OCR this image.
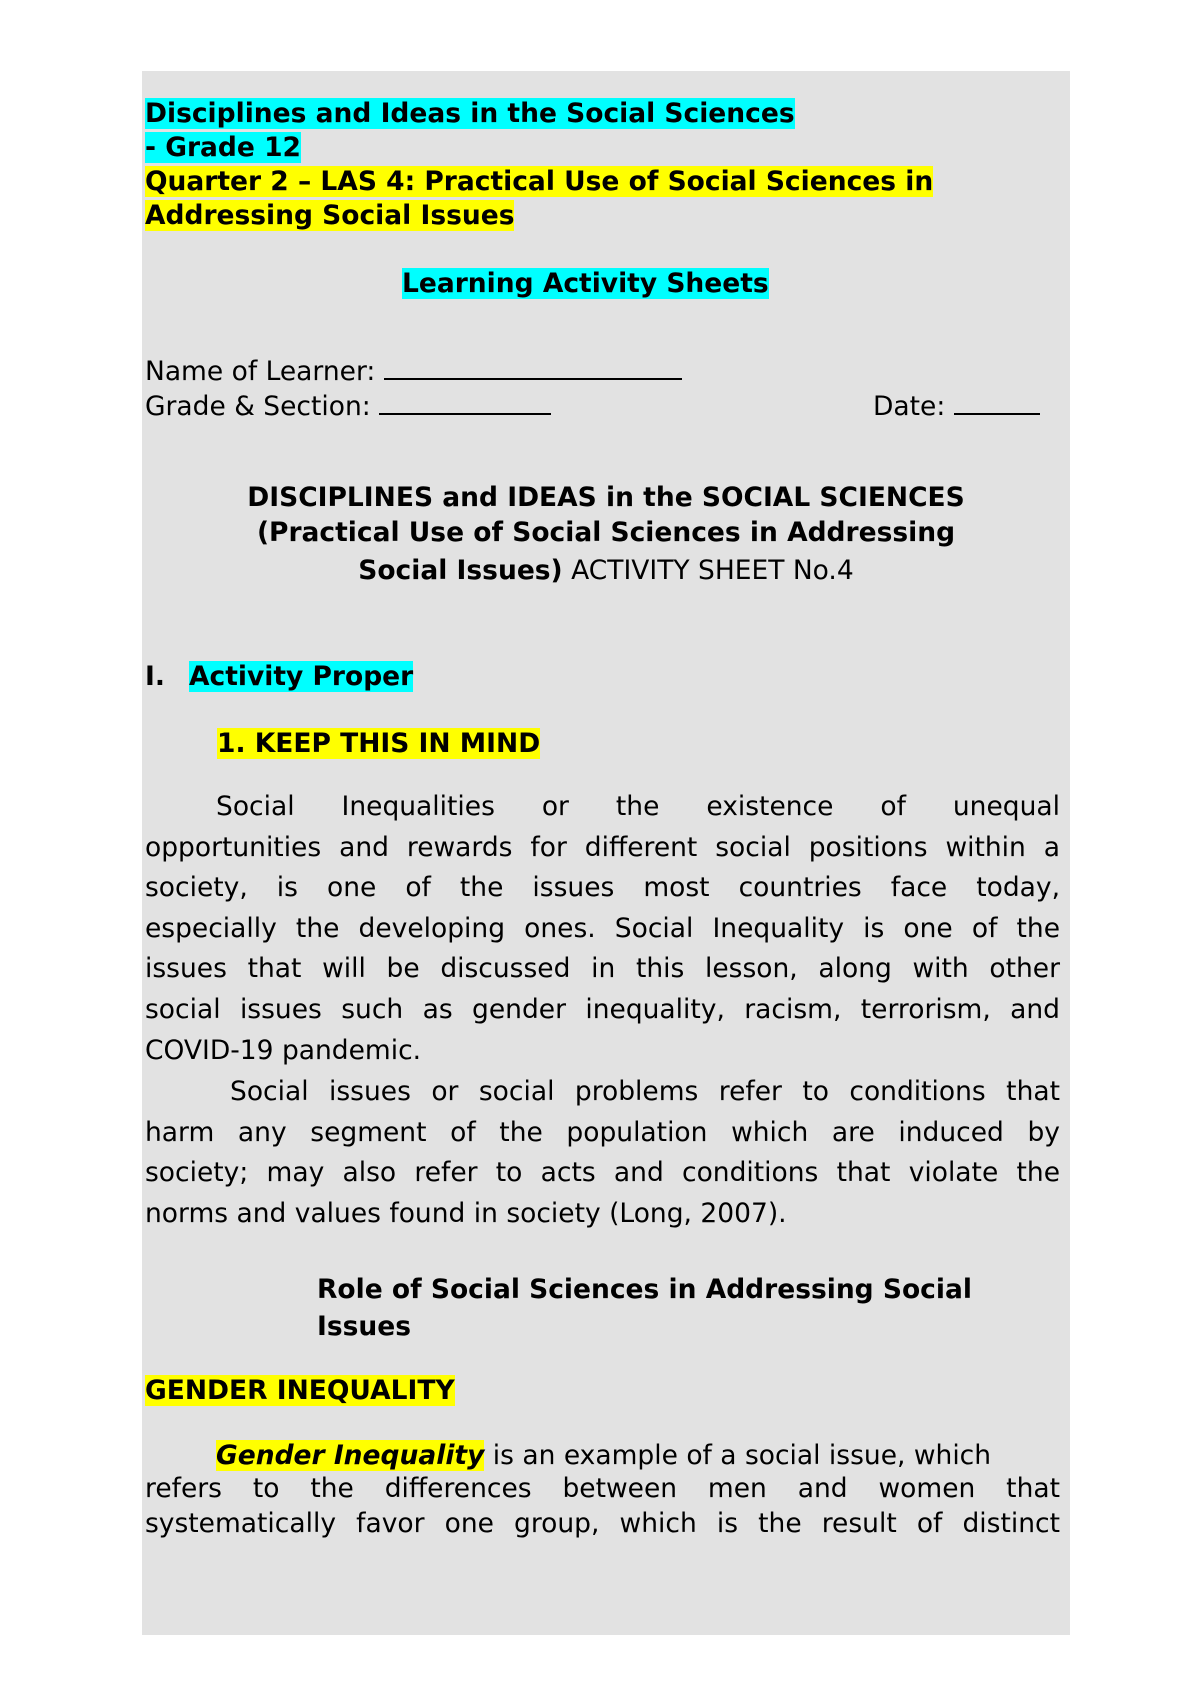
Disciplines and Ideas in the Social Sciences
- Grade 12
Quarter 2 – LAS 4: Practical Use of Social Sciences in
Addressing Social Issues
Learning Activity Sheets
Name of Learner:
Grade & Section:	Date:
DISCIPLINES and IDEAS in the SOCIAL SCIENCES
(Practical Use of Social Sciences in Addressing
Social Issues) ACTIVITY SHEET No.4
I. Activity Proper
1. KEEP THIS IN MIND
Social Inequalities or the existence of unequal
opportunities and rewards for different social positions within a
society, is one of the issues most countries face today,
especially the developing ones. Social Inequality is one of the
issues that will be discussed in this lesson, along with other
social issues such as gender inequality, racism, terrorism, and
COVID-19 pandemic.
Social issues or social problems refer to conditions that
harm any segment of the population which are induced by
society; may also refer to acts and conditions that violate the
norms and values found in society (Long, 2007).
Role of Social Sciences in Addressing Social
Issues
GENDER INEQUALITY
Gender Inequality is an example of a social issue, which
refers to the differences between men and women that
systematically favor one group, which is the result of distinct
